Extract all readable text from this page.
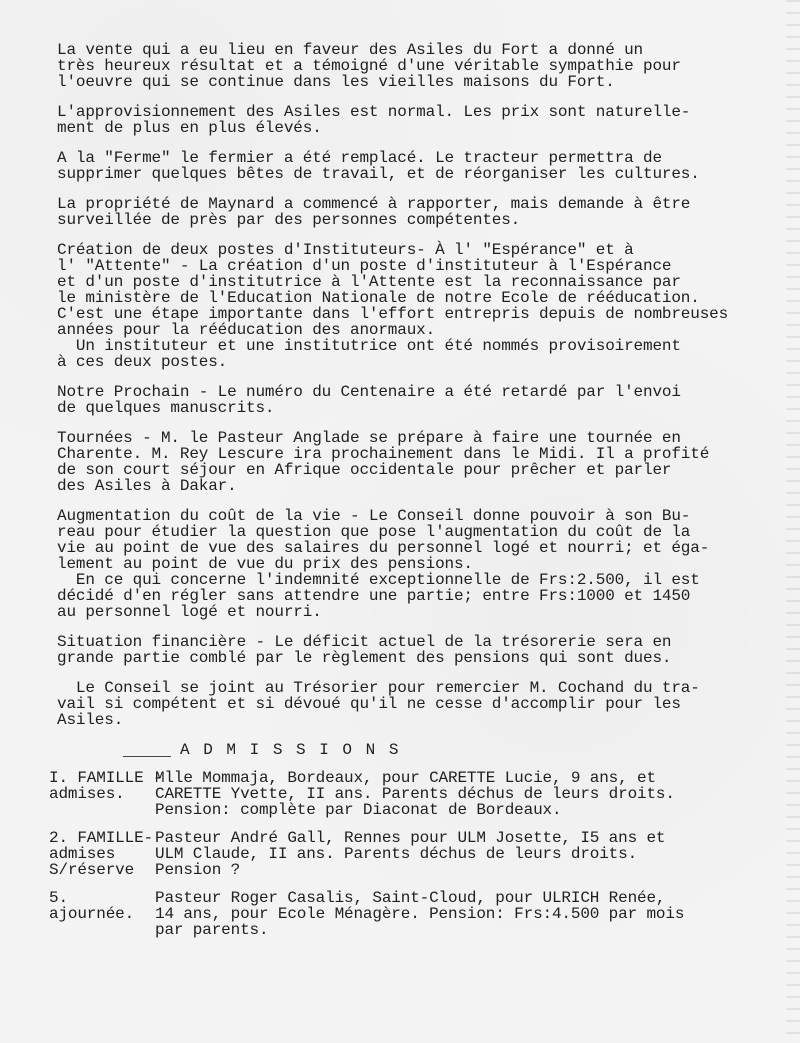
La vente qui a eu lieu en faveur des Asiles du Fort a donné un
très heureux résultat et a témoigné d'une véritable sympathie pour
l'oeuvre qui se continue dans les vieilles maisons du Fort.
L'approvisionnement des Asiles est normal. Les prix sont naturelle-
ment de plus en plus élevés.
A la "Ferme" le fermier a été remplacé. Le tracteur permettra de
supprimer quelques bêtes de travail, et de réorganiser les cultures.
La propriété de Maynard a commencé à rapporter, mais demande à être
surveillée de près par des personnes compétentes.
Création de deux postes d'Instituteurs- À l' "Espérance" et à
l' "Attente" - La création d'un poste d'instituteur à l'Espérance
et d'un poste d'institutrice à l'Attente est la reconnaissance par
le ministère de l'Education Nationale de notre Ecole de rééducation.
C'est une étape importante dans l'effort entrepris depuis de nombreuses
années pour la rééducation des anormaux.
Un instituteur et une institutrice ont été nommés provisoirement
à ces deux postes.
Notre Prochain - Le numéro du Centenaire a été retardé par l'envoi
de quelques manuscrits.
Tournées - M. le Pasteur Anglade se prépare à faire une tournée en
Charente. M. Rey Lescure ira prochainement dans le Midi. Il a profité
de son court séjour en Afrique occidentale pour prêcher et parler
des Asiles à Dakar.
Augmentation du coût de la vie - Le Conseil donne pouvoir à son Bu-
reau pour étudier la question que pose l'augmentation du coût de la
vie au point de vue des salaires du personnel logé et nourri; et éga-
lement au point de vue du prix des pensions.
En ce qui concerne l'indemnité exceptionnelle de Frs:2.500, il est
décidé d'en régler sans attendre une partie; entre Frs:1000 et 1450
au personnel logé et nourri.
Situation financière - Le déficit actuel de la trésorerie sera en
grande partie comblé par le règlement des pensions qui sont dues.
Le Conseil se joint au Trésorier pour remercier M. Cochand du tra-
vail si compétent et si dévoué qu'il ne cesse d'accomplir pour les
Asiles.
A D M I S S I O N S
I. FAMILLE -
admises.
Mlle Mommaja, Bordeaux, pour CARETTE Lucie, 9 ans, et
CARETTE Yvette, II ans. Parents déchus de leurs droits.
Pension: complète par Diaconat de Bordeaux.
2. FAMILLE-
admises
S/réserve
Pasteur André Gall, Rennes pour ULM Josette, I5 ans et
ULM Claude, II ans. Parents déchus de leurs droits.
Pension ?
5.
ajournée.
Pasteur Roger Casalis, Saint-Cloud, pour ULRICH Renée,
14 ans, pour Ecole Ménagère. Pension: Frs:4.500 par mois
par parents.
